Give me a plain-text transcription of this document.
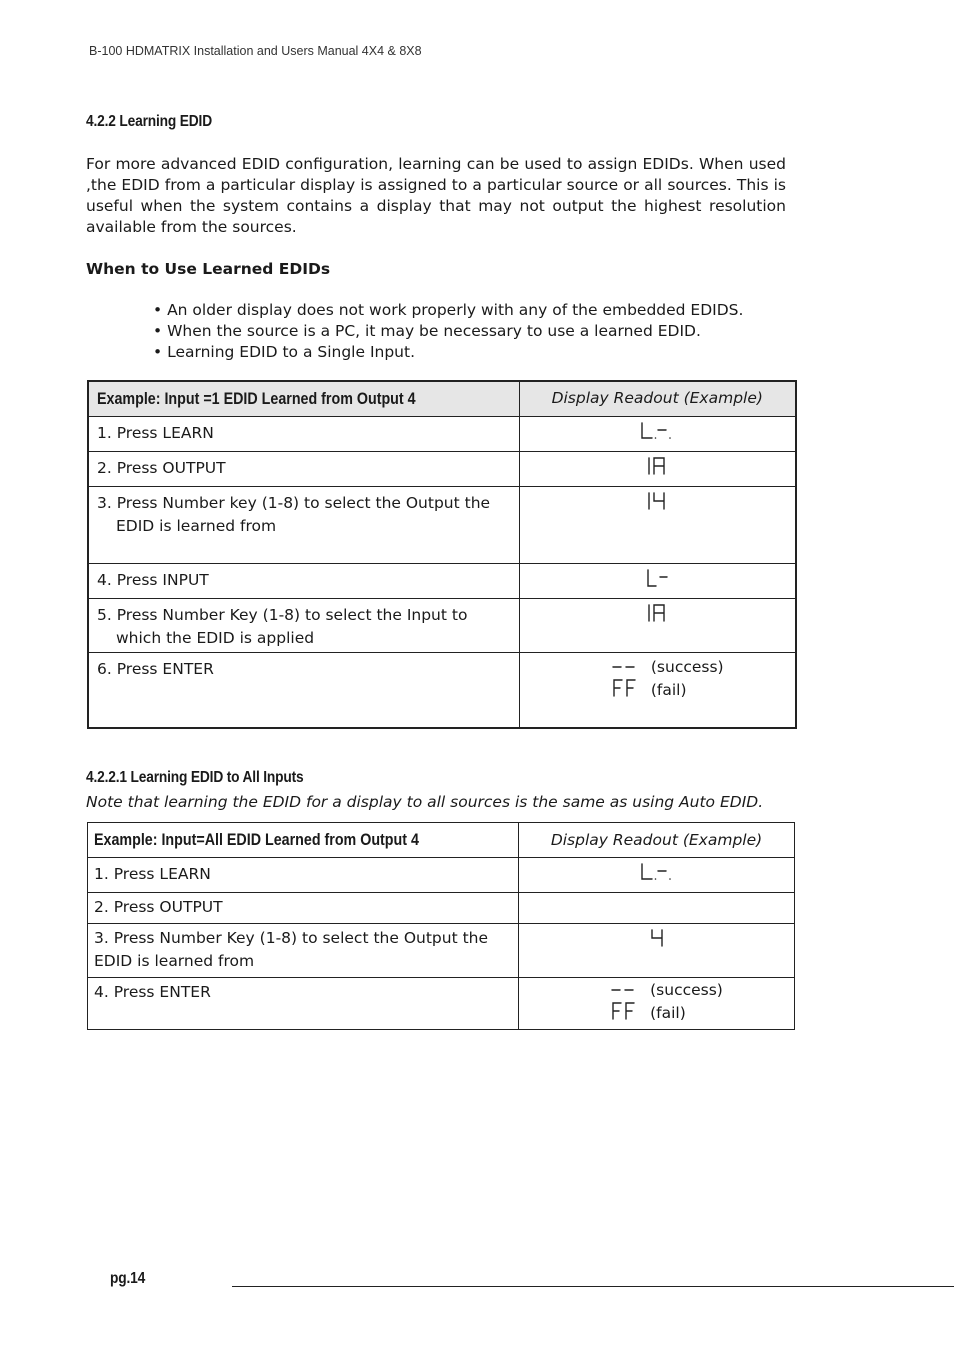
B-100 HDMATRIX Installation and Users Manual 4X4 & 8X8
4.2.2 Learning EDID
For more advanced EDID configuration, learning can be used to assign EDIDs. When used ,the EDID from a particular display is assigned to a particular source or all sources. This is useful when the system contains a display that may not output the highest resolution available from the sources.
When to Use Learned EDIDs
• An older display does not work properly with any of the embedded EDIDS.
• When the source is a PC, it may be necessary to use a learned EDID.
• Learning EDID to a Single Input.
Example: Input =1 EDID Learned from Output 4	Display Readout (Example)

1. Press LEARN

2. Press OUTPUT

3. Press Number key (1-8) to select the Output the EDID is learned from

4. Press INPUT

5. Press Number Key (1-8) to select the Input to which the EDID is applied

6. Press ENTER	(success)
(fail)
4.2.2.1 Learning EDID to All Inputs
Note that learning the EDID for a display to all sources is the same as using Auto EDID.
Example: Input=All EDID Learned from Output 4	Display Readout (Example)

1. Press LEARN

2. Press OUTPUT	

3. Press Number Key (1-8) to select the Output the EDID is learned from

4. Press ENTER	(success)
(fail)
pg.14
